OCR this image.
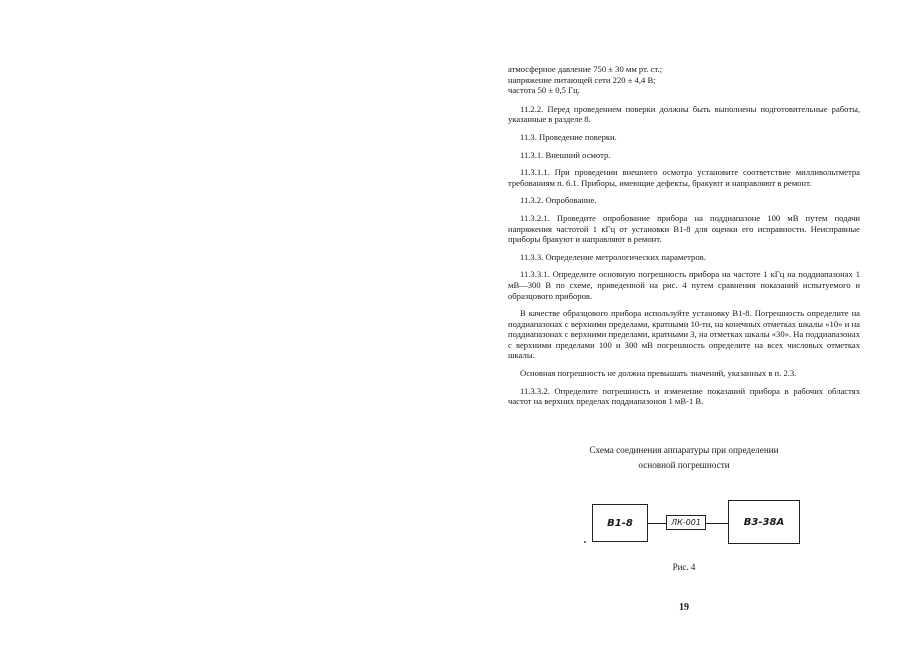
атмосферное давление 750 ± 30 мм рт. ст.;

напряжение питающей сети 220 ± 4,4 В;

частота 50 ± 0,5 Гц.

11.2.2. Перед проведением поверки должны быть выполнены подготовительные работы, указанные в разделе 8.

11.3. Проведение поверки.

11.3.1. Внешний осмотр.

11.3.1.1. При проведении внешнего осмотра установите соответствие милливольтметра требованиям п. 6.1. Приборы, имеющие дефекты, бракуют и направляют в ремонт.

11.3.2. Опробование.

11.3.2.1. Проведите опробование прибора на поддиапазоне 100 мВ путем подачи напряжения частотой 1 кГц от установки В1-8 для оценки его исправности. Неисправные приборы бракуют и направляют в ремонт.

11.3.3. Определение метрологических параметров.

11.3.3.1. Определите основную погрешность прибора на частоте 1 кГц на поддиапазонах 1 мВ—300 В по схеме, приведенной на рис. 4 путем сравнения показаний испытуемого и образцового приборов.

В качестве образцового прибора используйте установку В1-8. Погрешность определите на поддиапазонах с верхними пределами, кратными 10-ти, на конечных отметках шкалы «10» и на поддиапазонах с верхними пределами, кратными 3, на отметках шкалы «30». На поддиапазонах с верхними пределами 100 и 300 мВ погрешность определите на всех числовых отметках шкалы.

Основная погрешность не должна превышать значений, указанных в п. 2.3.

11.3.3.2. Определите погрешность и изменение показаний прибора в рабочих областях частот на верхних пределах поддиапазонов 1 мВ-1 В.

Схема соединения аппаратуры при определении
основной погрешности
В1-8	ЛК-001	В3-38А
Рис. 4
19
